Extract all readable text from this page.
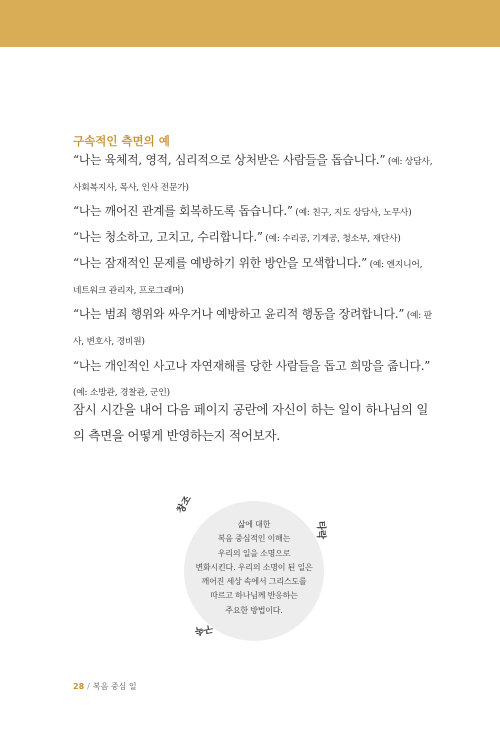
구속적인 측면의 예

“나는 육체적, 영적, 심리적으로 상처받은 사람들을 돕습니다.” (예: 상담사, 사회복지사, 목사, 인사 전문가)

“나는 깨어진 관계를 회복하도록 돕습니다.” (예: 친구, 지도 상담사, 노무사)

“나는 청소하고, 고치고, 수리합니다.” (예: 수리공, 기계공, 청소부, 재단사)

“나는 잠재적인 문제를 예방하기 위한 방안을 모색합니다.” (예: 엔지니어, 네트워크 관리자, 프로그래머)

“나는 범죄 행위와 싸우거나 예방하고 윤리적 행동을 장려합니다.” (예: 판사, 변호사, 경비원)

“나는 개인적인 사고나 자연재해를 당한 사람들을 돕고 희망을 줍니다.” (예: 소방관, 경찰관, 군인)

잠시 시간을 내어 다음 페이지 공란에 자신이 하는 일이 하나님의 일의 측면을 어떻게 반영하는지 적어보자.
삶에 대한
복음 중심적인 이해는
우리의 일을 소명으로
변화시킨다. 우리의 소명이 된 일은
깨어진 세상 속에서 그리스도를
따르고 하나님께 반응하는
주요한 방법이다.
창조
타락
구속
28 / 복음 중심 일
